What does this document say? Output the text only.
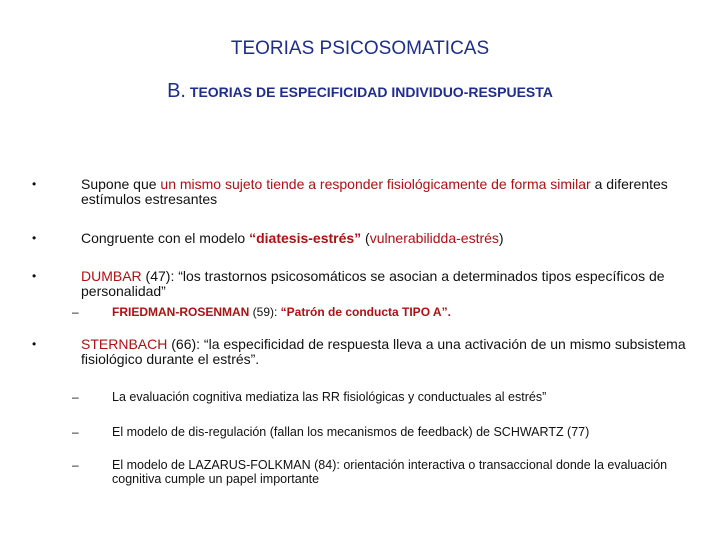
TEORIAS PSICOSOMATICAS
B. TEORIAS DE ESPECIFICIDAD INDIVIDUO-RESPUESTA
•	Supone que un mismo sujeto tiende a responder fisiológicamente de forma similar a diferentes estímulos estresantes
•	Congruente con el modelo “diatesis-estrés” (vulnerabilidda-estrés)
•	DUMBAR (47): “los trastornos psicosomáticos se asocian a determinados tipos específicos de personalidad”
–	FRIEDMAN-ROSENMAN (59): “Patrón de conducta TIPO A”.
•	STERNBACH (66): “la especificidad de respuesta lleva a una activación de un mismo subsistema fisiológico durante el estrés”.
–	La evaluación cognitiva mediatiza las RR fisiológicas y conductuales al estrés”
–	El modelo de dis-regulación (fallan los mecanismos de feedback) de SCHWARTZ (77)
–	El modelo de LAZARUS-FOLKMAN (84): orientación interactiva o transaccional donde la evaluación cognitiva cumple un papel importante
